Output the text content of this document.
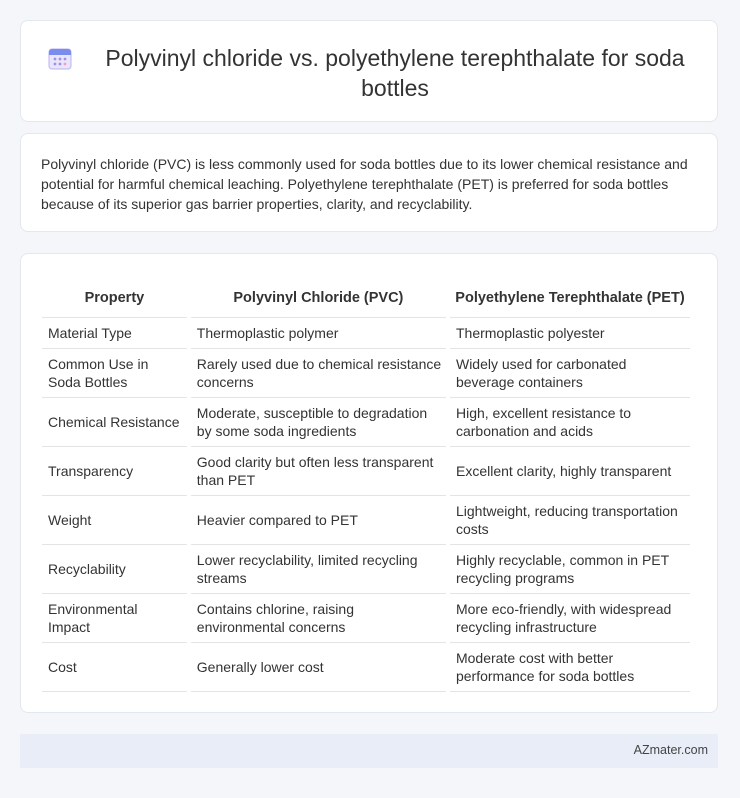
Polyvinyl chloride vs. polyethylene terephthalate for soda bottles

Polyvinyl chloride (PVC) is less commonly used for soda bottles due to its lower chemical resistance and potential for harmful chemical leaching. Polyethylene terephthalate (PET) is preferred for soda bottles because of its superior gas barrier properties, clarity, and recyclability.

Property	Polyvinyl Chloride (PVC)	Polyethylene Terephthalate (PET)
Material Type	Thermoplastic polymer	Thermoplastic polyester
Common Use in Soda Bottles	Rarely used due to chemical resistance concerns	Widely used for carbonated beverage containers
Chemical Resistance	Moderate, susceptible to degradation by some soda ingredients	High, excellent resistance to carbonation and acids
Transparency	Good clarity but often less transparent than PET	Excellent clarity, highly transparent
Weight	Heavier compared to PET	Lightweight, reducing transportation costs
Recyclability	Lower recyclability, limited recycling streams	Highly recyclable, common in PET recycling programs
Environmental Impact	Contains chlorine, raising environmental concerns	More eco-friendly, with widespread recycling infrastructure
Cost	Generally lower cost	Moderate cost with better performance for soda bottles
AZmater.com
